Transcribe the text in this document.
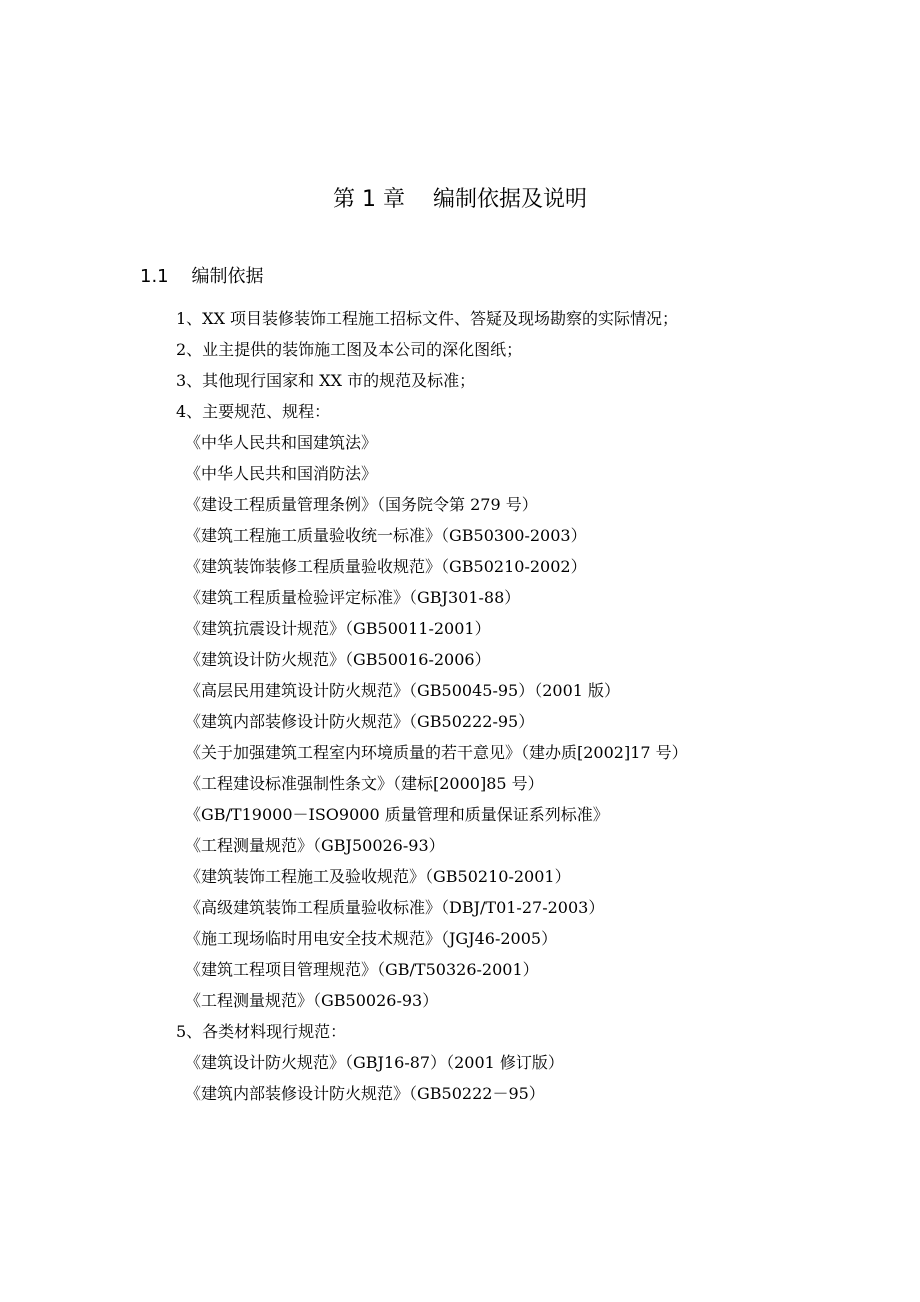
第 1 章    编制依据及说明
1.1    编制依据
1、XX 项目装修装饰工程施工招标文件、答疑及现场勘察的实际情况；
2、业主提供的装饰施工图及本公司的深化图纸；
3、其他现行国家和 XX 市的规范及标准；
4、主要规范、规程：
《中华人民共和国建筑法》
《中华人民共和国消防法》
《建设工程质量管理条例》（国务院令第 279 号）
《建筑工程施工质量验收统一标准》（GB50300-2003）
《建筑装饰装修工程质量验收规范》（GB50210-2002）
《建筑工程质量检验评定标准》（GBJ301-88）
《建筑抗震设计规范》（GB50011-2001）
《建筑设计防火规范》（GB50016-2006）
《高层民用建筑设计防火规范》（GB50045-95）（2001 版）
《建筑内部装修设计防火规范》（GB50222-95）
《关于加强建筑工程室内环境质量的若干意见》（建办质[2002]17 号）
《工程建设标准强制性条文》（建标[2000]85 号）
《GB/T19000－ISO9000 质量管理和质量保证系列标准》
《工程测量规范》（GBJ50026-93）
《建筑装饰工程施工及验收规范》（GB50210-2001）
《高级建筑装饰工程质量验收标准》（DBJ/T01-27-2003）
《施工现场临时用电安全技术规范》（JGJ46-2005）
《建筑工程项目管理规范》（GB/T50326-2001）
《工程测量规范》（GB50026-93）
5、各类材料现行规范：
《建筑设计防火规范》（GBJ16-87）（2001 修订版）
《建筑内部装修设计防火规范》（GB50222－95）
